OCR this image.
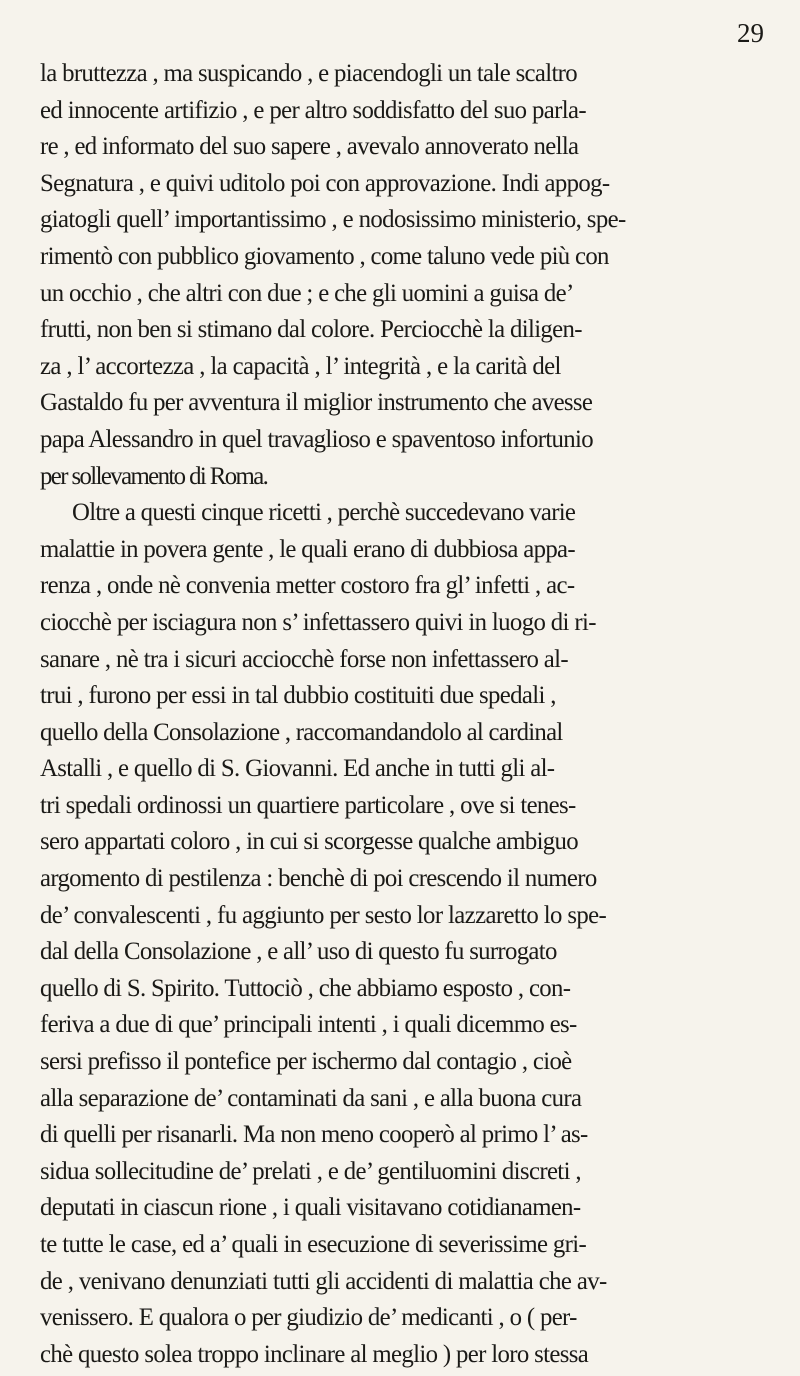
29
la bruttezza , ma suspicando , e piacendogli un tale scaltro
ed innocente artifizio , e per altro soddisfatto del suo parla-
re , ed informato del suo sapere , avevalo annoverato nella
Segnatura , e quivi uditolo poi con approvazione. Indi appog-
giatogli quell’ importantissimo , e nodosissimo ministerio, spe-
rimentò con pubblico giovamento , come taluno vede più con
un occhio , che altri con due ; e che gli uomini a guisa de’
frutti, non ben si stimano dal colore. Perciocchè la diligen-
za , l’ accortezza , la capacità , l’ integrità , e la carità del
Gastaldo fu per avventura il miglior instrumento che avesse
papa Alessandro in quel travaglioso e spaventoso infortunio
per sollevamento di Roma.
Oltre a questi cinque ricetti , perchè succedevano varie
malattie in povera gente , le quali erano di dubbiosa appa-
renza , onde nè convenia metter costoro fra gl’ infetti , ac-
ciocchè per isciagura non s’ infettassero quivi in luogo di ri-
sanare , nè tra i sicuri acciocchè forse non infettassero al-
trui , furono per essi in tal dubbio costituiti due spedali ,
quello della Consolazione , raccomandandolo al cardinal
Astalli , e quello di S. Giovanni. Ed anche in tutti gli al-
tri spedali ordinossi un quartiere particolare , ove si tenes-
sero appartati coloro , in cui si scorgesse qualche ambiguo
argomento di pestilenza : benchè di poi crescendo il numero
de’ convalescenti , fu aggiunto per sesto lor lazzaretto lo spe-
dal della Consolazione , e all’ uso di questo fu surrogato
quello di S. Spirito. Tuttociò , che abbiamo esposto , con-
feriva a due di que’ principali intenti , i quali dicemmo es-
sersi prefisso il pontefice per ischermo dal contagio , cioè
alla separazione de’ contaminati da sani , e alla buona cura
di quelli per risanarli. Ma non meno cooperò al primo l’ as-
sidua sollecitudine de’ prelati , e de’ gentiluomini discreti ,
deputati in ciascun rione , i quali visitavano cotidianamen-
te tutte le case, ed a’ quali in esecuzione di severissime gri-
de , venivano denunziati tutti gli accidenti di malattia che av-
venissero. E qualora o per giudizio de’ medicanti , o ( per-
chè questo solea troppo inclinare al meglio ) per loro stessa
